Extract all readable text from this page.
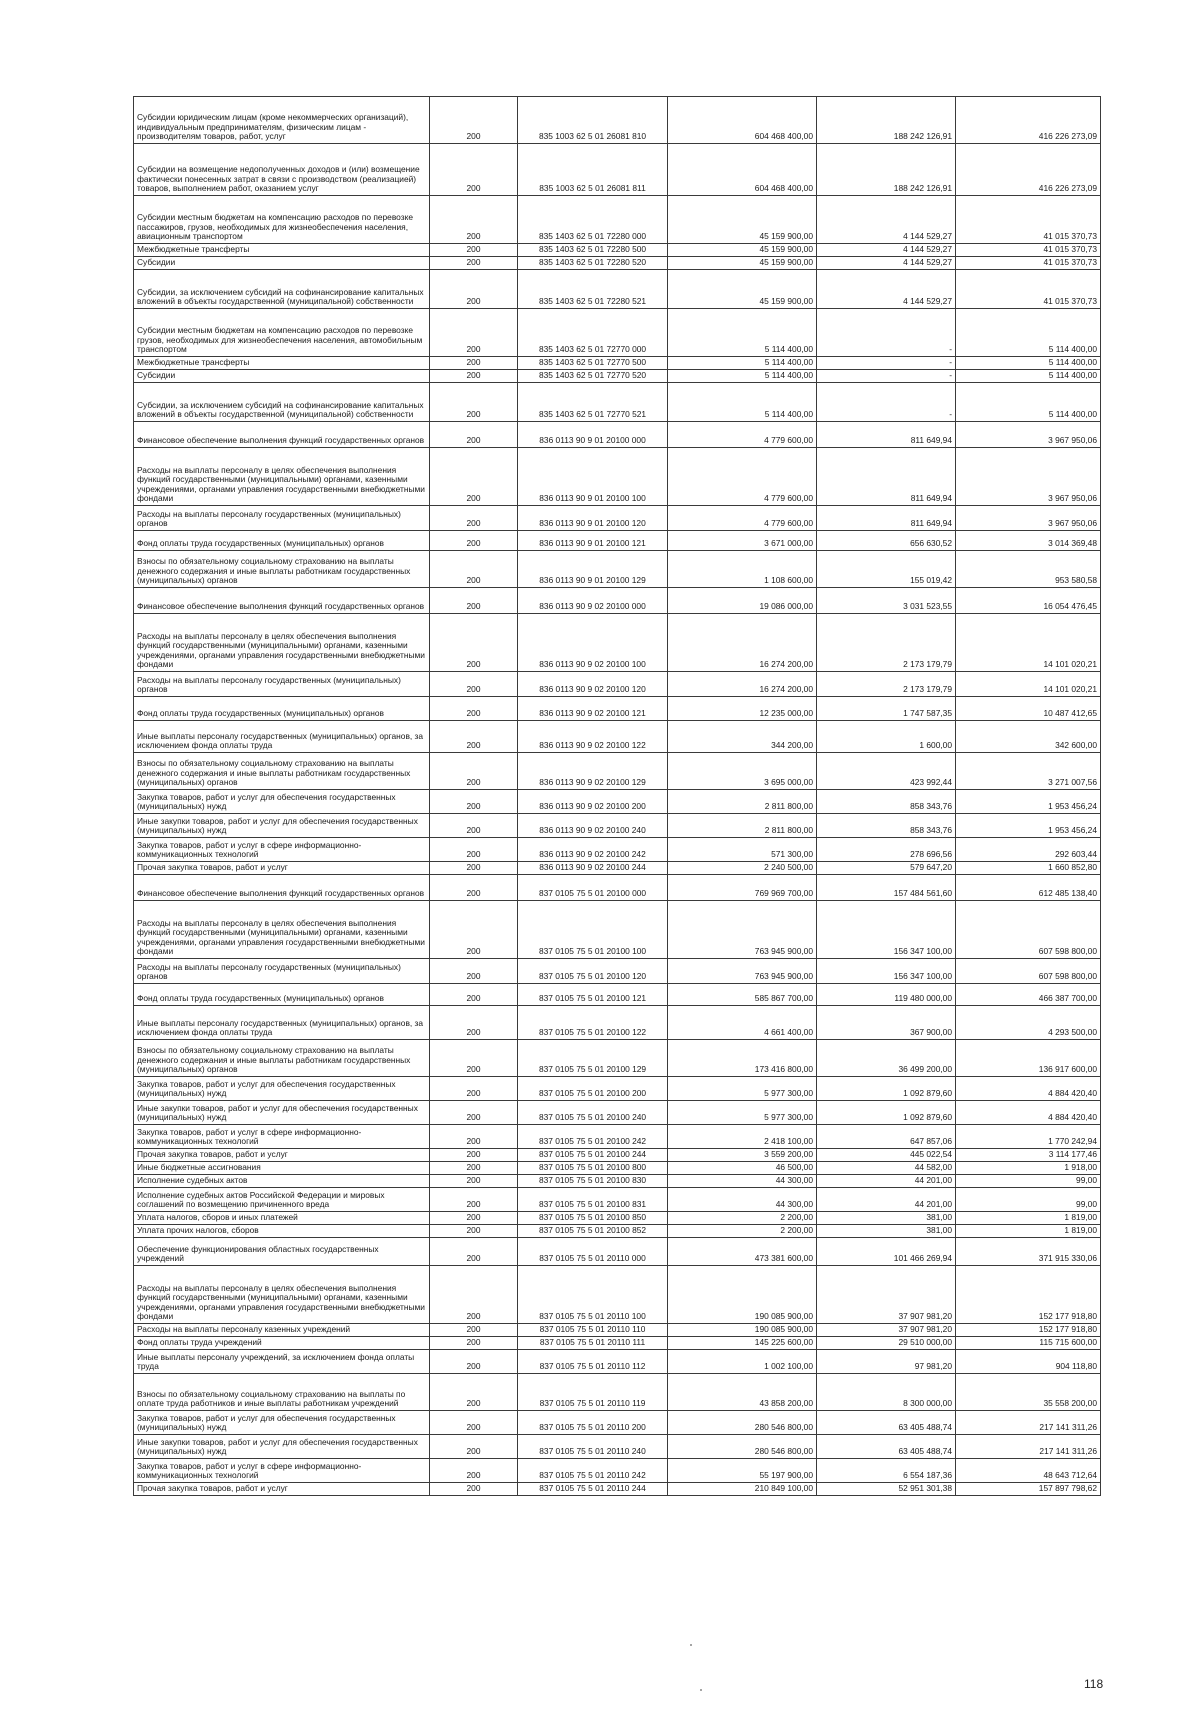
Субсидии юридическим лицам (кроме некоммерческих организаций), индивидуальным предпринимателям, физическим лицам - производителям товаров, работ, услуг	200	835 1003 62 5 01 26081 810	604 468 400,00	188 242 126,91	416 226 273,09
Субсидии на возмещение недополученных доходов и (или) возмещение фактически понесенных затрат в связи с производством (реализацией) товаров, выполнением работ, оказанием услуг	200	835 1003 62 5 01 26081 811	604 468 400,00	188 242 126,91	416 226 273,09
Субсидии местным бюджетам на компенсацию расходов по перевозке пассажиров, грузов, необходимых для жизнеобеспечения населения, авиационным транспортом	200	835 1403 62 5 01 72280 000	45 159 900,00	4 144 529,27	41 015 370,73
Межбюджетные трансферты	200	835 1403 62 5 01 72280 500	45 159 900,00	4 144 529,27	41 015 370,73
Субсидии	200	835 1403 62 5 01 72280 520	45 159 900,00	4 144 529,27	41 015 370,73
Субсидии, за исключением субсидий на софинансирование капитальных вложений в объекты государственной (муниципальной) собственности	200	835 1403 62 5 01 72280 521	45 159 900,00	4 144 529,27	41 015 370,73
Субсидии местным бюджетам на компенсацию расходов по перевозке грузов, необходимых для жизнеобеспечения населения, автомобильным транспортом	200	835 1403 62 5 01 72770 000	5 114 400,00	-	5 114 400,00
Межбюджетные трансферты	200	835 1403 62 5 01 72770 500	5 114 400,00	-	5 114 400,00
Субсидии	200	835 1403 62 5 01 72770 520	5 114 400,00	-	5 114 400,00
Субсидии, за исключением субсидий на софинансирование капитальных вложений в объекты государственной (муниципальной) собственности	200	835 1403 62 5 01 72770 521	5 114 400,00	-	5 114 400,00
Финансовое обеспечение выполнения функций государственных органов	200	836 0113 90 9 01 20100 000	4 779 600,00	811 649,94	3 967 950,06
Расходы на выплаты персоналу в целях обеспечения выполнения функций государственными (муниципальными) органами, казенными учреждениями, органами управления государственными внебюджетными фондами	200	836 0113 90 9 01 20100 100	4 779 600,00	811 649,94	3 967 950,06
Расходы на выплаты персоналу государственных (муниципальных) органов	200	836 0113 90 9 01 20100 120	4 779 600,00	811 649,94	3 967 950,06
Фонд оплаты труда государственных (муниципальных) органов	200	836 0113 90 9 01 20100 121	3 671 000,00	656 630,52	3 014 369,48
Взносы по обязательному социальному страхованию на выплаты денежного содержания и иные выплаты работникам государственных (муниципальных) органов	200	836 0113 90 9 01 20100 129	1 108 600,00	155 019,42	953 580,58
Финансовое обеспечение выполнения функций государственных органов	200	836 0113 90 9 02 20100 000	19 086 000,00	3 031 523,55	16 054 476,45
Расходы на выплаты персоналу в целях обеспечения выполнения функций государственными (муниципальными) органами, казенными учреждениями, органами управления государственными внебюджетными фондами	200	836 0113 90 9 02 20100 100	16 274 200,00	2 173 179,79	14 101 020,21
Расходы на выплаты персоналу государственных (муниципальных) органов	200	836 0113 90 9 02 20100 120	16 274 200,00	2 173 179,79	14 101 020,21
Фонд оплаты труда государственных (муниципальных) органов	200	836 0113 90 9 02 20100 121	12 235 000,00	1 747 587,35	10 487 412,65
Иные выплаты персоналу государственных (муниципальных) органов, за исключением фонда оплаты труда	200	836 0113 90 9 02 20100 122	344 200,00	1 600,00	342 600,00
Взносы по обязательному социальному страхованию на выплаты денежного содержания и иные выплаты работникам государственных (муниципальных) органов	200	836 0113 90 9 02 20100 129	3 695 000,00	423 992,44	3 271 007,56
Закупка товаров, работ и услуг для обеспечения государственных (муниципальных) нужд	200	836 0113 90 9 02 20100 200	2 811 800,00	858 343,76	1 953 456,24
Иные закупки товаров, работ и услуг для обеспечения государственных (муниципальных) нужд	200	836 0113 90 9 02 20100 240	2 811 800,00	858 343,76	1 953 456,24
Закупка товаров, работ и услуг в сфере информационно-коммуникационных технологий	200	836 0113 90 9 02 20100 242	571 300,00	278 696,56	292 603,44
Прочая закупка товаров, работ и услуг	200	836 0113 90 9 02 20100 244	2 240 500,00	579 647,20	1 660 852,80
Финансовое обеспечение выполнения функций государственных органов	200	837 0105 75 5 01 20100 000	769 969 700,00	157 484 561,60	612 485 138,40
Расходы на выплаты персоналу в целях обеспечения выполнения функций государственными (муниципальными) органами, казенными учреждениями, органами управления государственными внебюджетными фондами	200	837 0105 75 5 01 20100 100	763 945 900,00	156 347 100,00	607 598 800,00
Расходы на выплаты персоналу государственных (муниципальных) органов	200	837 0105 75 5 01 20100 120	763 945 900,00	156 347 100,00	607 598 800,00
Фонд оплаты труда государственных (муниципальных) органов	200	837 0105 75 5 01 20100 121	585 867 700,00	119 480 000,00	466 387 700,00
Иные выплаты персоналу государственных (муниципальных) органов, за исключением фонда оплаты труда	200	837 0105 75 5 01 20100 122	4 661 400,00	367 900,00	4 293 500,00
Взносы по обязательному социальному страхованию на выплаты денежного содержания и иные выплаты работникам государственных (муниципальных) органов	200	837 0105 75 5 01 20100 129	173 416 800,00	36 499 200,00	136 917 600,00
Закупка товаров, работ и услуг для обеспечения государственных (муниципальных) нужд	200	837 0105 75 5 01 20100 200	5 977 300,00	1 092 879,60	4 884 420,40
Иные закупки товаров, работ и услуг для обеспечения государственных (муниципальных) нужд	200	837 0105 75 5 01 20100 240	5 977 300,00	1 092 879,60	4 884 420,40
Закупка товаров, работ и услуг в сфере информационно-коммуникационных технологий	200	837 0105 75 5 01 20100 242	2 418 100,00	647 857,06	1 770 242,94
Прочая закупка товаров, работ и услуг	200	837 0105 75 5 01 20100 244	3 559 200,00	445 022,54	3 114 177,46
Иные бюджетные ассигнования	200	837 0105 75 5 01 20100 800	46 500,00	44 582,00	1 918,00
Исполнение судебных актов	200	837 0105 75 5 01 20100 830	44 300,00	44 201,00	99,00
Исполнение судебных актов Российской Федерации и мировых соглашений по возмещению причиненного вреда	200	837 0105 75 5 01 20100 831	44 300,00	44 201,00	99,00
Уплата налогов, сборов и иных платежей	200	837 0105 75 5 01 20100 850	2 200,00	381,00	1 819,00
Уплата прочих налогов, сборов	200	837 0105 75 5 01 20100 852	2 200,00	381,00	1 819,00
Обеспечение функционирования областных государственных учреждений	200	837 0105 75 5 01 20110 000	473 381 600,00	101 466 269,94	371 915 330,06
Расходы на выплаты персоналу в целях обеспечения выполнения функций государственными (муниципальными) органами, казенными учреждениями, органами управления государственными внебюджетными фондами	200	837 0105 75 5 01 20110 100	190 085 900,00	37 907 981,20	152 177 918,80
Расходы на выплаты персоналу казенных учреждений	200	837 0105 75 5 01 20110 110	190 085 900,00	37 907 981,20	152 177 918,80
Фонд оплаты труда учреждений	200	837 0105 75 5 01 20110 111	145 225 600,00	29 510 000,00	115 715 600,00
Иные выплаты персоналу учреждений, за исключением фонда оплаты труда	200	837 0105 75 5 01 20110 112	1 002 100,00	97 981,20	904 118,80
Взносы по обязательному социальному страхованию на выплаты по оплате труда работников и иные выплаты работникам учреждений	200	837 0105 75 5 01 20110 119	43 858 200,00	8 300 000,00	35 558 200,00
Закупка товаров, работ и услуг для обеспечения государственных (муниципальных) нужд	200	837 0105 75 5 01 20110 200	280 546 800,00	63 405 488,74	217 141 311,26
Иные закупки товаров, работ и услуг для обеспечения государственных (муниципальных) нужд	200	837 0105 75 5 01 20110 240	280 546 800,00	63 405 488,74	217 141 311,26
Закупка товаров, работ и услуг в сфере информационно-коммуникационных технологий	200	837 0105 75 5 01 20110 242	55 197 900,00	6 554 187,36	48 643 712,64
Прочая закупка товаров, работ и услуг	200	837 0105 75 5 01 20110 244	210 849 100,00	52 951 301,38	157 897 798,62
118
